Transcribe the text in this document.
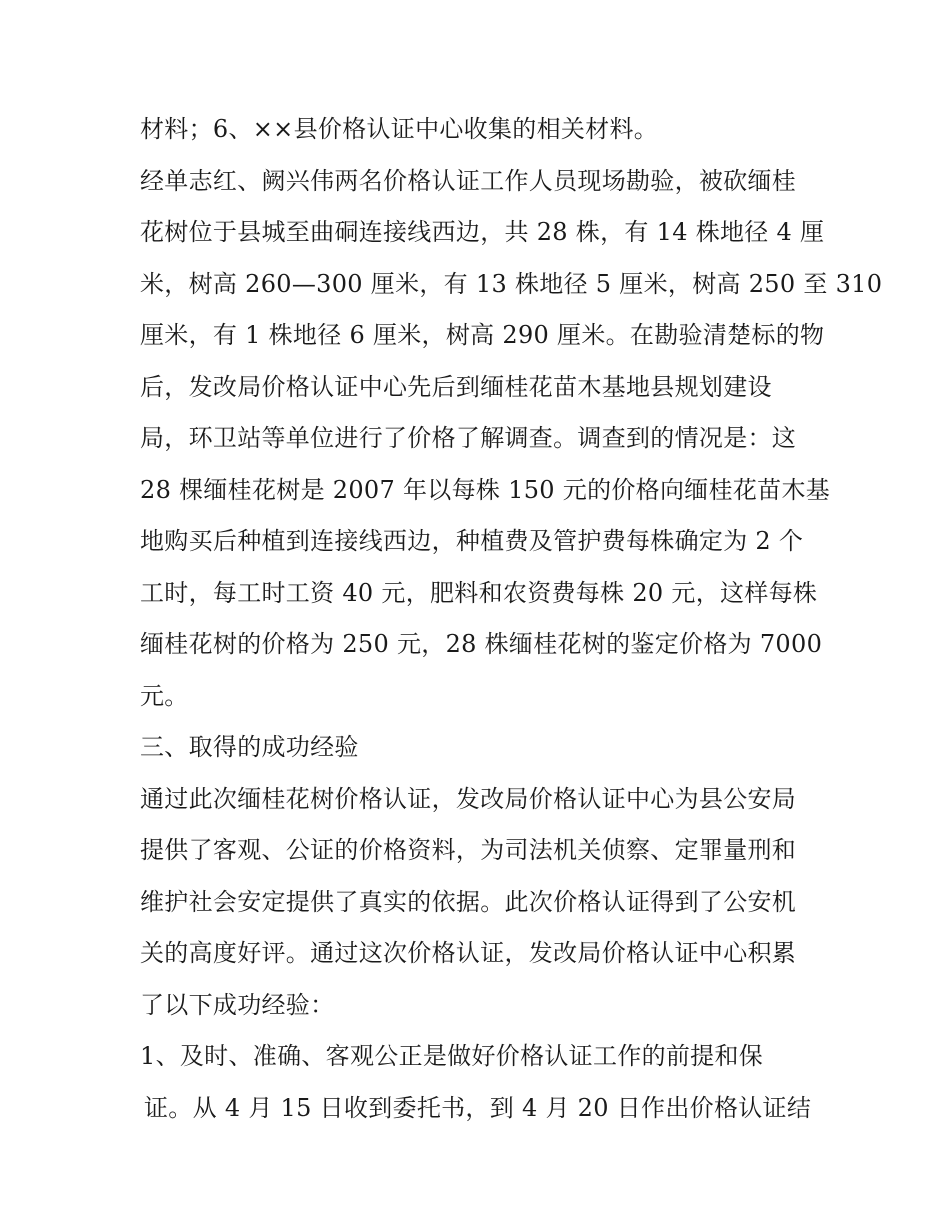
材料；6、××县价格认证中心收集的相关材料。
经单志红、阙兴伟两名价格认证工作人员现场勘验，被砍缅桂
花树位于县城至曲硐连接线西边，共 28 株，有 14 株地径 4 厘
米，树高 260—300 厘米，有 13 株地径 5 厘米，树高 250 至 310
厘米，有 1 株地径 6 厘米，树高 290 厘米。在勘验清楚标的物
后，发改局价格认证中心先后到缅桂花苗木基地县规划建设
局，环卫站等单位进行了价格了解调查。调查到的情况是：这
28 棵缅桂花树是 2007 年以每株 150 元的价格向缅桂花苗木基
地购买后种植到连接线西边，种植费及管护费每株确定为 2 个
工时，每工时工资 40 元，肥料和农资费每株 20 元，这样每株
缅桂花树的价格为 250 元，28 株缅桂花树的鉴定价格为 7000
元。
三、取得的成功经验
通过此次缅桂花树价格认证，发改局价格认证中心为县公安局
提供了客观、公证的价格资料，为司法机关侦察、定罪量刑和
维护社会安定提供了真实的依据。此次价格认证得到了公安机
关的高度好评。通过这次价格认证，发改局价格认证中心积累
了以下成功经验：
1、及时、准确、客观公正是做好价格认证工作的前提和保
证。从 4 月 15 日收到委托书，到 4 月 20 日作出价格认证结
